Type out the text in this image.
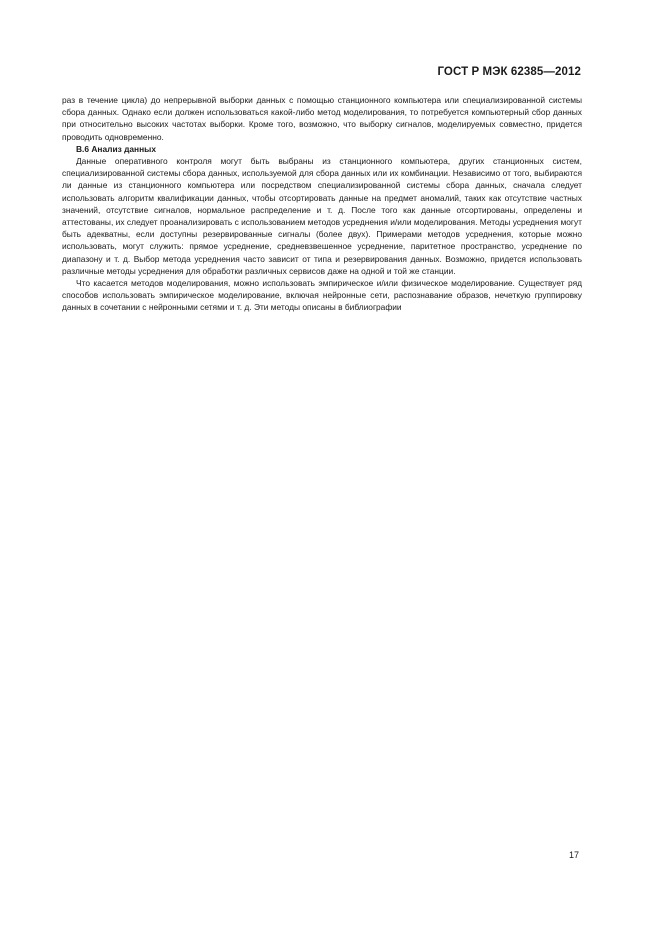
ГОСТ Р МЭК 62385—2012

раз в течение цикла) до непрерывной выборки данных с помощью станционного компьютера или специализированной системы сбора данных. Однако если должен использоваться какой-либо метод моделирования, то потребуется компьютерный сбор данных при относительно высоких частотах выборки. Кроме того, возможно, что выборку сигналов, моделируемых совместно, придется проводить одновременно.

В.6 Анализ данных

Данные оперативного контроля могут быть выбраны из станционного компьютера, других станционных систем, специализированной системы сбора данных, используемой для сбора данных или их комбинации. Независимо от того, выбираются ли данные из станционного компьютера или посредством специализированной системы сбора данных, сначала следует использовать алгоритм квалификации данных, чтобы отсортировать данные на предмет аномалий, таких как отсутствие частных значений, отсутствие сигналов, нормальное распределение и т. д. После того как данные отсортированы, определены и аттестованы, их следует проанализировать с использованием методов усреднения и/или моделирования. Методы усреднения могут быть адекватны, если доступны резервированные сигналы (более двух). Примерами методов усреднения, которые можно использовать, могут служить: прямое усреднение, средневзвешенное усреднение, паритетное пространство, усреднение по диапазону и т. д. Выбор метода усреднения часто зависит от типа и резервирования данных. Возможно, придется использовать различные методы усреднения для обработки различных сервисов даже на одной и той же станции.

Что касается методов моделирования, можно использовать эмпирическое и/или физическое моделирование. Существует ряд способов использовать эмпирическое моделирование, включая нейронные сети, распознавание образов, нечеткую группировку данных в сочетании с нейронными сетями и т. д. Эти методы описаны в библиографии

17
